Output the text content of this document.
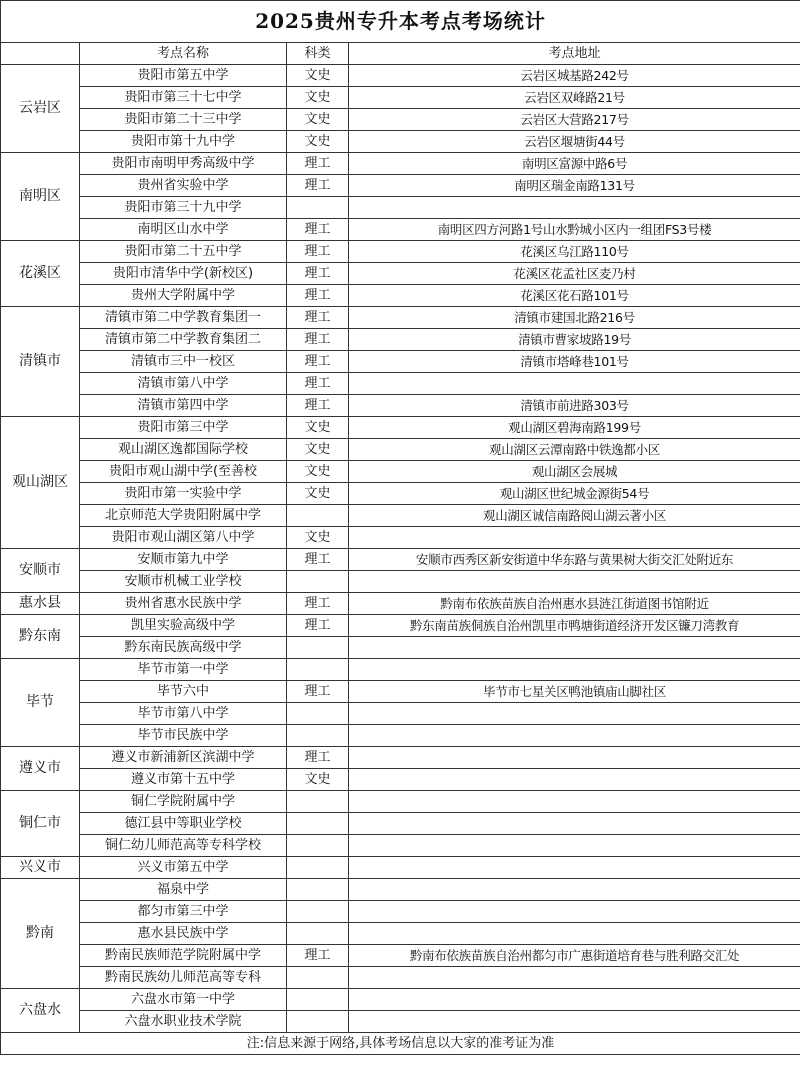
2025贵州专升本考点考场统计			
	考点名称	科类	考点地址
云岩区	贵阳市第五中学	文史	云岩区城基路242号
	贵阳市第三十七中学	文史	云岩区双峰路21号
	贵阳市第二十三中学	文史	云岩区大营路217号
	贵阳市第十九中学	文史	云岩区堰塘街44号
南明区	贵阳市南明甲秀高级中学	理工	南明区富源中路6号
	贵州省实验中学	理工	南明区瑞金南路131号
	贵阳市第三十九中学		
	南明区山水中学	理工	南明区四方河路1号山水黔城小区内一组团FS3号楼
花溪区	贵阳市第二十五中学	理工	花溪区乌江路110号
	贵阳市清华中学(新校区)	理工	花溪区花孟社区麦乃村
	贵州大学附属中学	理工	花溪区花石路101号
清镇市	清镇市第二中学教育集团一	理工	清镇市建国北路216号
	清镇市第二中学教育集团二	理工	清镇市曹家坡路19号
	清镇市三中一校区	理工	清镇市塔峰巷101号
	清镇市第八中学	理工	
	清镇市第四中学	理工	清镇市前进路303号
观山湖区	贵阳市第三中学	文史	观山湖区碧海南路199号
	观山湖区逸都国际学校	文史	观山湖区云潭南路中铁逸都小区
	贵阳市观山湖中学(至善校	文史	观山湖区会展城
	贵阳市第一实验中学	文史	观山湖区世纪城金源街54号
	北京师范大学贵阳附属中学		观山湖区诚信南路阅山湖云著小区
	贵阳市观山湖区第八中学	文史	
安顺市	安顺市第九中学	理工	安顺市西秀区新安街道中华东路与黄果树大街交汇处附近东
	安顺市机械工业学校		
惠水县	贵州省惠水民族中学	理工	黔南布依族苗族自治州惠水县涟江街道图书馆附近
黔东南	凯里实验高级中学	理工	黔东南苗族侗族自治州凯里市鸭塘街道经济开发区镰刀湾教育
	黔东南民族高级中学		
毕节	毕节市第一中学		
	毕节六中	理工	毕节市七星关区鸭池镇庙山脚社区
	毕节市第八中学		
	毕节市民族中学		
遵义市	遵义市新浦新区滨湖中学	理工	
	遵义市第十五中学	文史	
铜仁市	铜仁学院附属中学		
	德江县中等职业学校		
	铜仁幼儿师范高等专科学校		
兴义市	兴义市第五中学		
黔南	福泉中学		
	都匀市第三中学		
	惠水县民族中学		
	黔南民族师范学院附属中学	理工	黔南布依族苗族自治州都匀市广惠街道培育巷与胜利路交汇处
	黔南民族幼儿师范高等专科		
六盘水	六盘水市第一中学		
	六盘水职业技术学院		
注:信息来源于网络,具体考场信息以大家的准考证为准			
